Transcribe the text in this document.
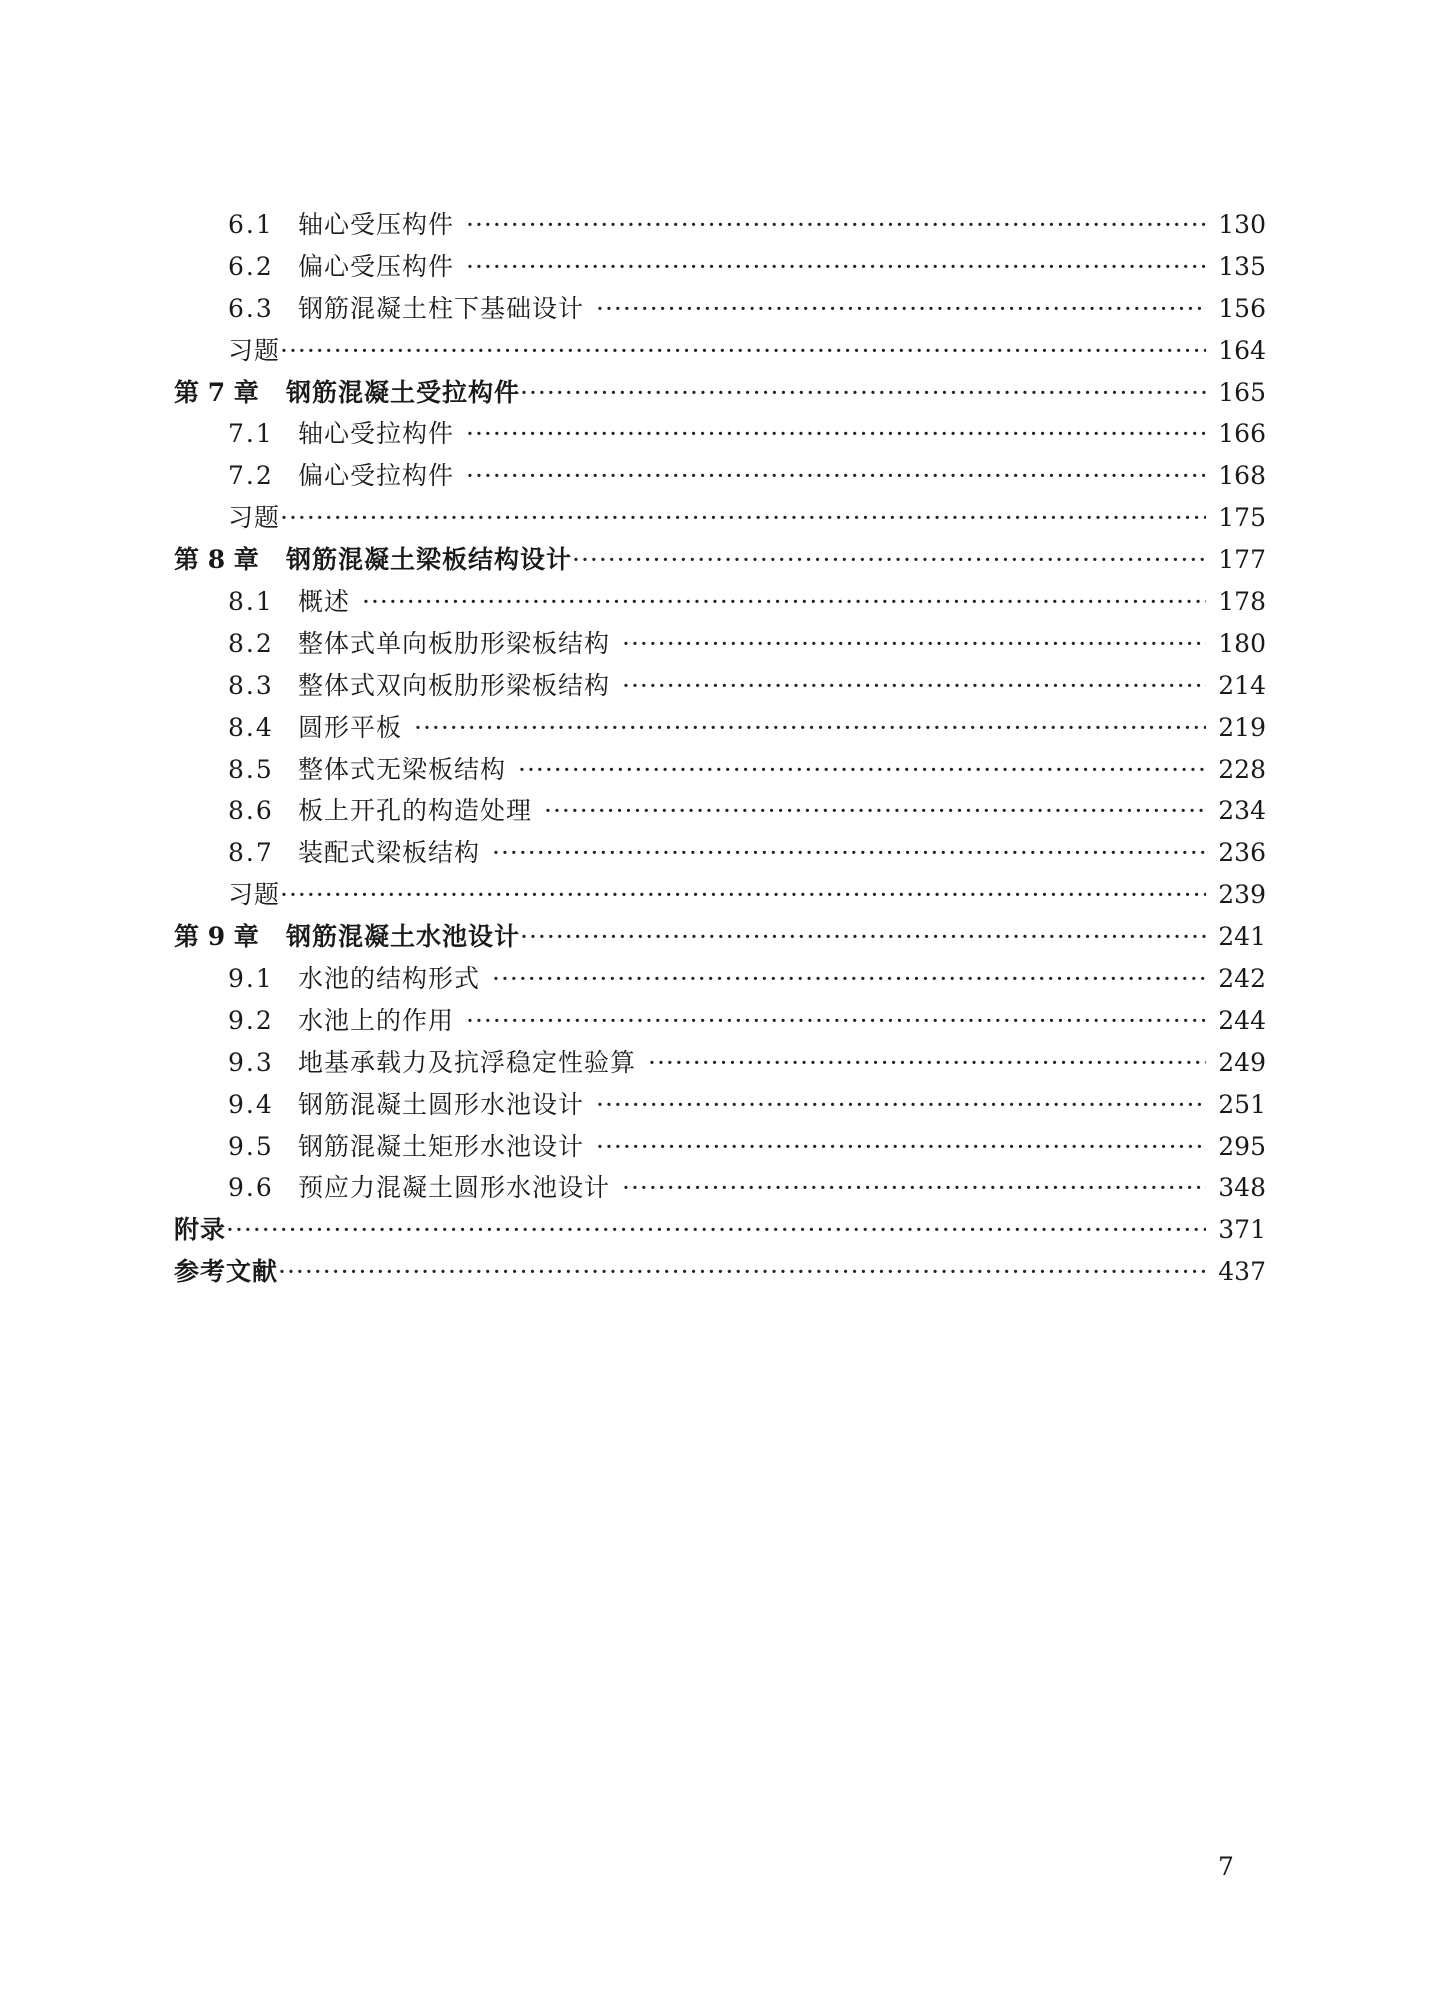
6.1 轴心受压构件 ·····	130
6.2 偏心受压构件 ·····	135
6.3 钢筋混凝土柱下基础设计 ·····	156
习题 ·····	164
第 7 章	钢筋混凝土受拉构件 ·····	165
7.1 轴心受拉构件 ·····	166
7.2 偏心受拉构件 ·····	168
习题 ·····	175
第 8 章	钢筋混凝土梁板结构设计 ·····	177
8.1 概述 ·····	178
8.2 整体式单向板肋形梁板结构 ·····	180
8.3 整体式双向板肋形梁板结构 ·····	214
8.4 圆形平板 ·····	219
8.5 整体式无梁板结构 ·····	228
8.6 板上开孔的构造处理 ·····	234
8.7 装配式梁板结构 ·····	236
习题 ·····	239
第 9 章	钢筋混凝土水池设计 ·····	241
9.1 水池的结构形式 ·····	242
9.2 水池上的作用 ·····	244
9.3 地基承载力及抗浮稳定性验算 ·····	249
9.4 钢筋混凝土圆形水池设计 ·····	251
9.5 钢筋混凝土矩形水池设计 ·····	295
9.6 预应力混凝土圆形水池设计 ·····	348
附录 ·····	371
参考文献 ·····	437
7
